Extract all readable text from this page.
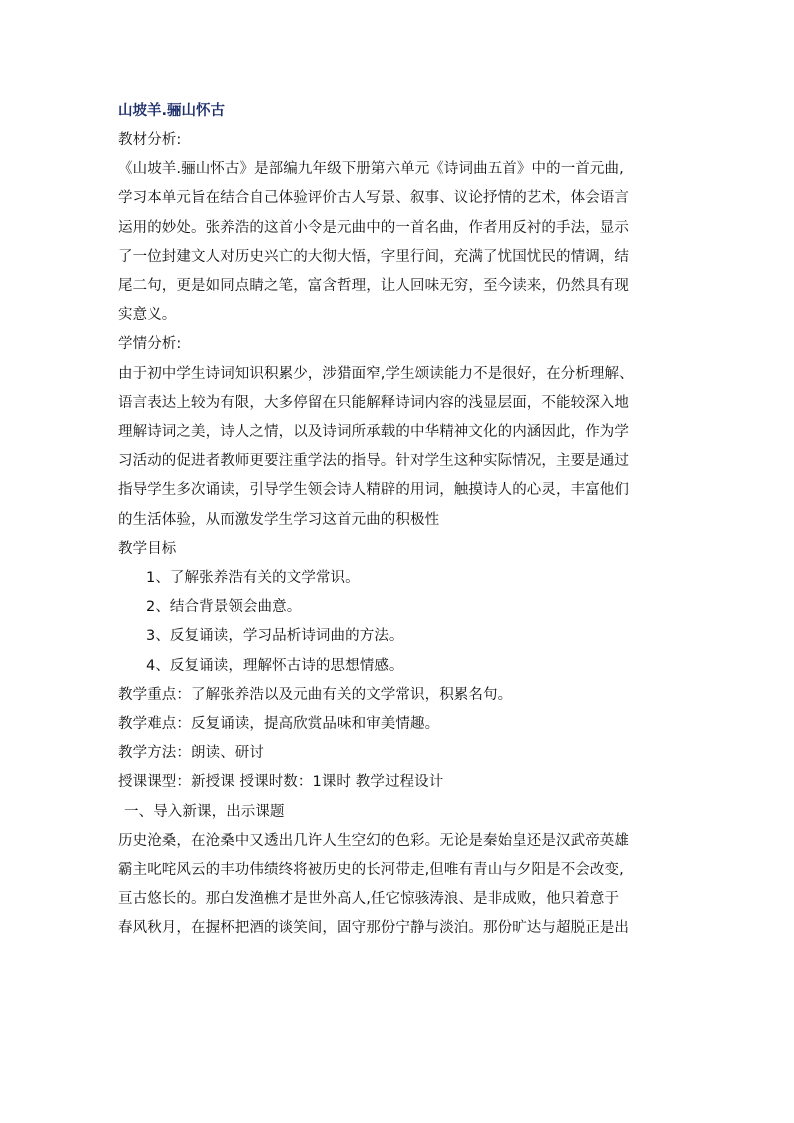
山坡羊.骊山怀古
教材分析:
《山坡羊.骊山怀古》是部编九年级下册第六单元《诗词曲五首》中的一首元曲,
学习本单元旨在结合自己体验评价古人写景、叙事、议论抒情的艺术，体会语言
运用的妙处。张养浩的这首小令是元曲中的一首名曲，作者用反衬的手法，显示
了一位封建文人对历史兴亡的大彻大悟，字里行间，充满了忧国忧民的情调，结
尾二句，更是如同点睛之笔，富含哲理，让人回味无穷，至今读来，仍然具有现
实意义。
学情分析:
由于初中学生诗词知识积累少，涉猎面窄,学生颂读能力不是很好，在分析理解、
语言表达上较为有限，大多停留在只能解释诗词内容的浅显层面，不能较深入地
理解诗词之美，诗人之情，以及诗词所承载的中华精神文化的内涵因此，作为学
习活动的促进者教师更要注重学法的指导。针对学生这种实际情况，主要是通过
指导学生多次诵读，引导学生领会诗人精辟的用词，触摸诗人的心灵，丰富他们
的生活体验，从而激发学生学习这首元曲的积极性
教学目标
1、了解张养浩有关的文学常识。
2、结合背景领会曲意。
3、反复诵读，学习品析诗词曲的方法。
4、反复诵读，理解怀古诗的思想情感。
教学重点：了解张养浩以及元曲有关的文学常识，积累名句。
教学难点：反复诵读，提高欣赏品味和审美情趣。
教学方法：朗读、研讨
授课课型：新授课 授课时数：1课时 教学过程设计
一、导入新课，出示课题
历史沧桑，在沧桑中又透出几许人生空幻的色彩。无论是秦始皇还是汉武帝英雄
霸主叱咤风云的丰功伟绩终将被历史的长河带走,但唯有青山与夕阳是不会改变,
亘古悠长的。那白发渔樵才是世外高人,任它惊骇涛浪、是非成败，他只着意于
春风秋月，在握杯把酒的谈笑间，固守那份宁静与淡泊。那份旷达与超脱正是出
